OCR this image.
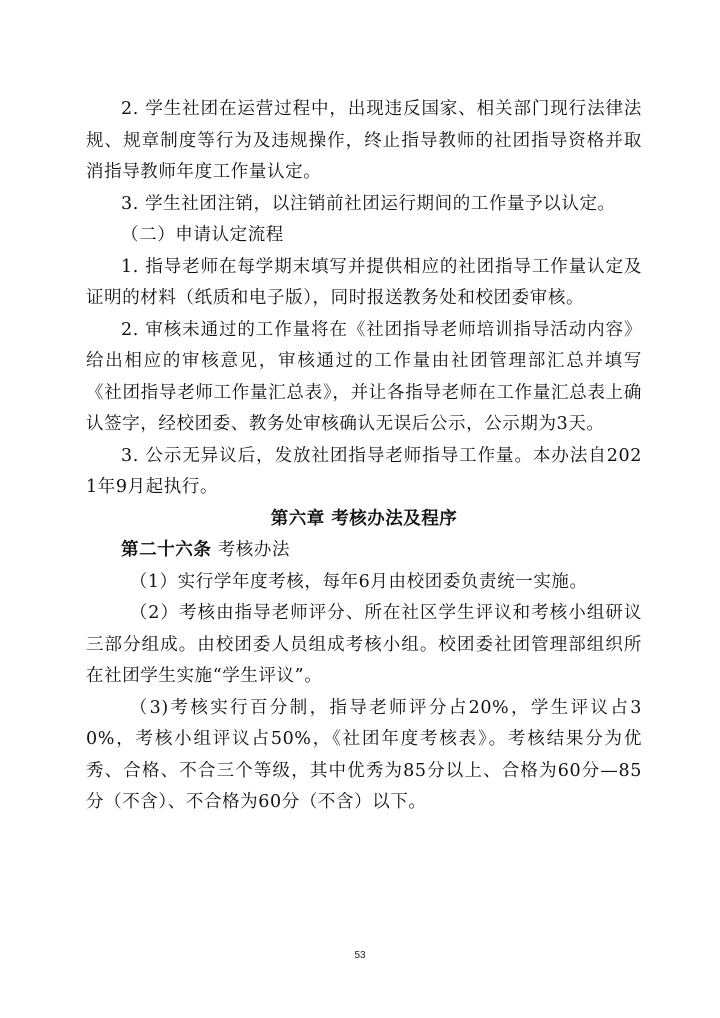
2. 学生社团在运营过程中，出现违反国家、相关部门现行法律法规、规章制度等行为及违规操作，终止指导教师的社团指导资格并取消指导教师年度工作量认定。

3. 学生社团注销，以注销前社团运行期间的工作量予以认定。

（二）申请认定流程

1. 指导老师在每学期末填写并提供相应的社团指导工作量认定及证明的材料（纸质和电子版），同时报送教务处和校团委审核。

2. 审核未通过的工作量将在《社团指导老师培训指导活动内容》给出相应的审核意见，审核通过的工作量由社团管理部汇总并填写《社团指导老师工作量汇总表》，并让各指导老师在工作量汇总表上确认签字，经校团委、教务处审核确认无误后公示，公示期为3天。

3. 公示无异议后，发放社团指导老师指导工作量。本办法自2021年9月起执行。

第六章 考核办法及程序

第二十六条 考核办法

（1）实行学年度考核，每年6月由校团委负责统一实施。

（2）考核由指导老师评分、所在社区学生评议和考核小组研议三部分组成。由校团委人员组成考核小组。校团委社团管理部组织所在社团学生实施“学生评议”。

（3)考核实行百分制，指导老师评分占20%，学生评议占30%，考核小组评议占50%，《社团年度考核表》。考核结果分为优秀、合格、不合三个等级，其中优秀为85分以上、合格为60分—85分（不含）、不合格为60分（不含）以下。

53
